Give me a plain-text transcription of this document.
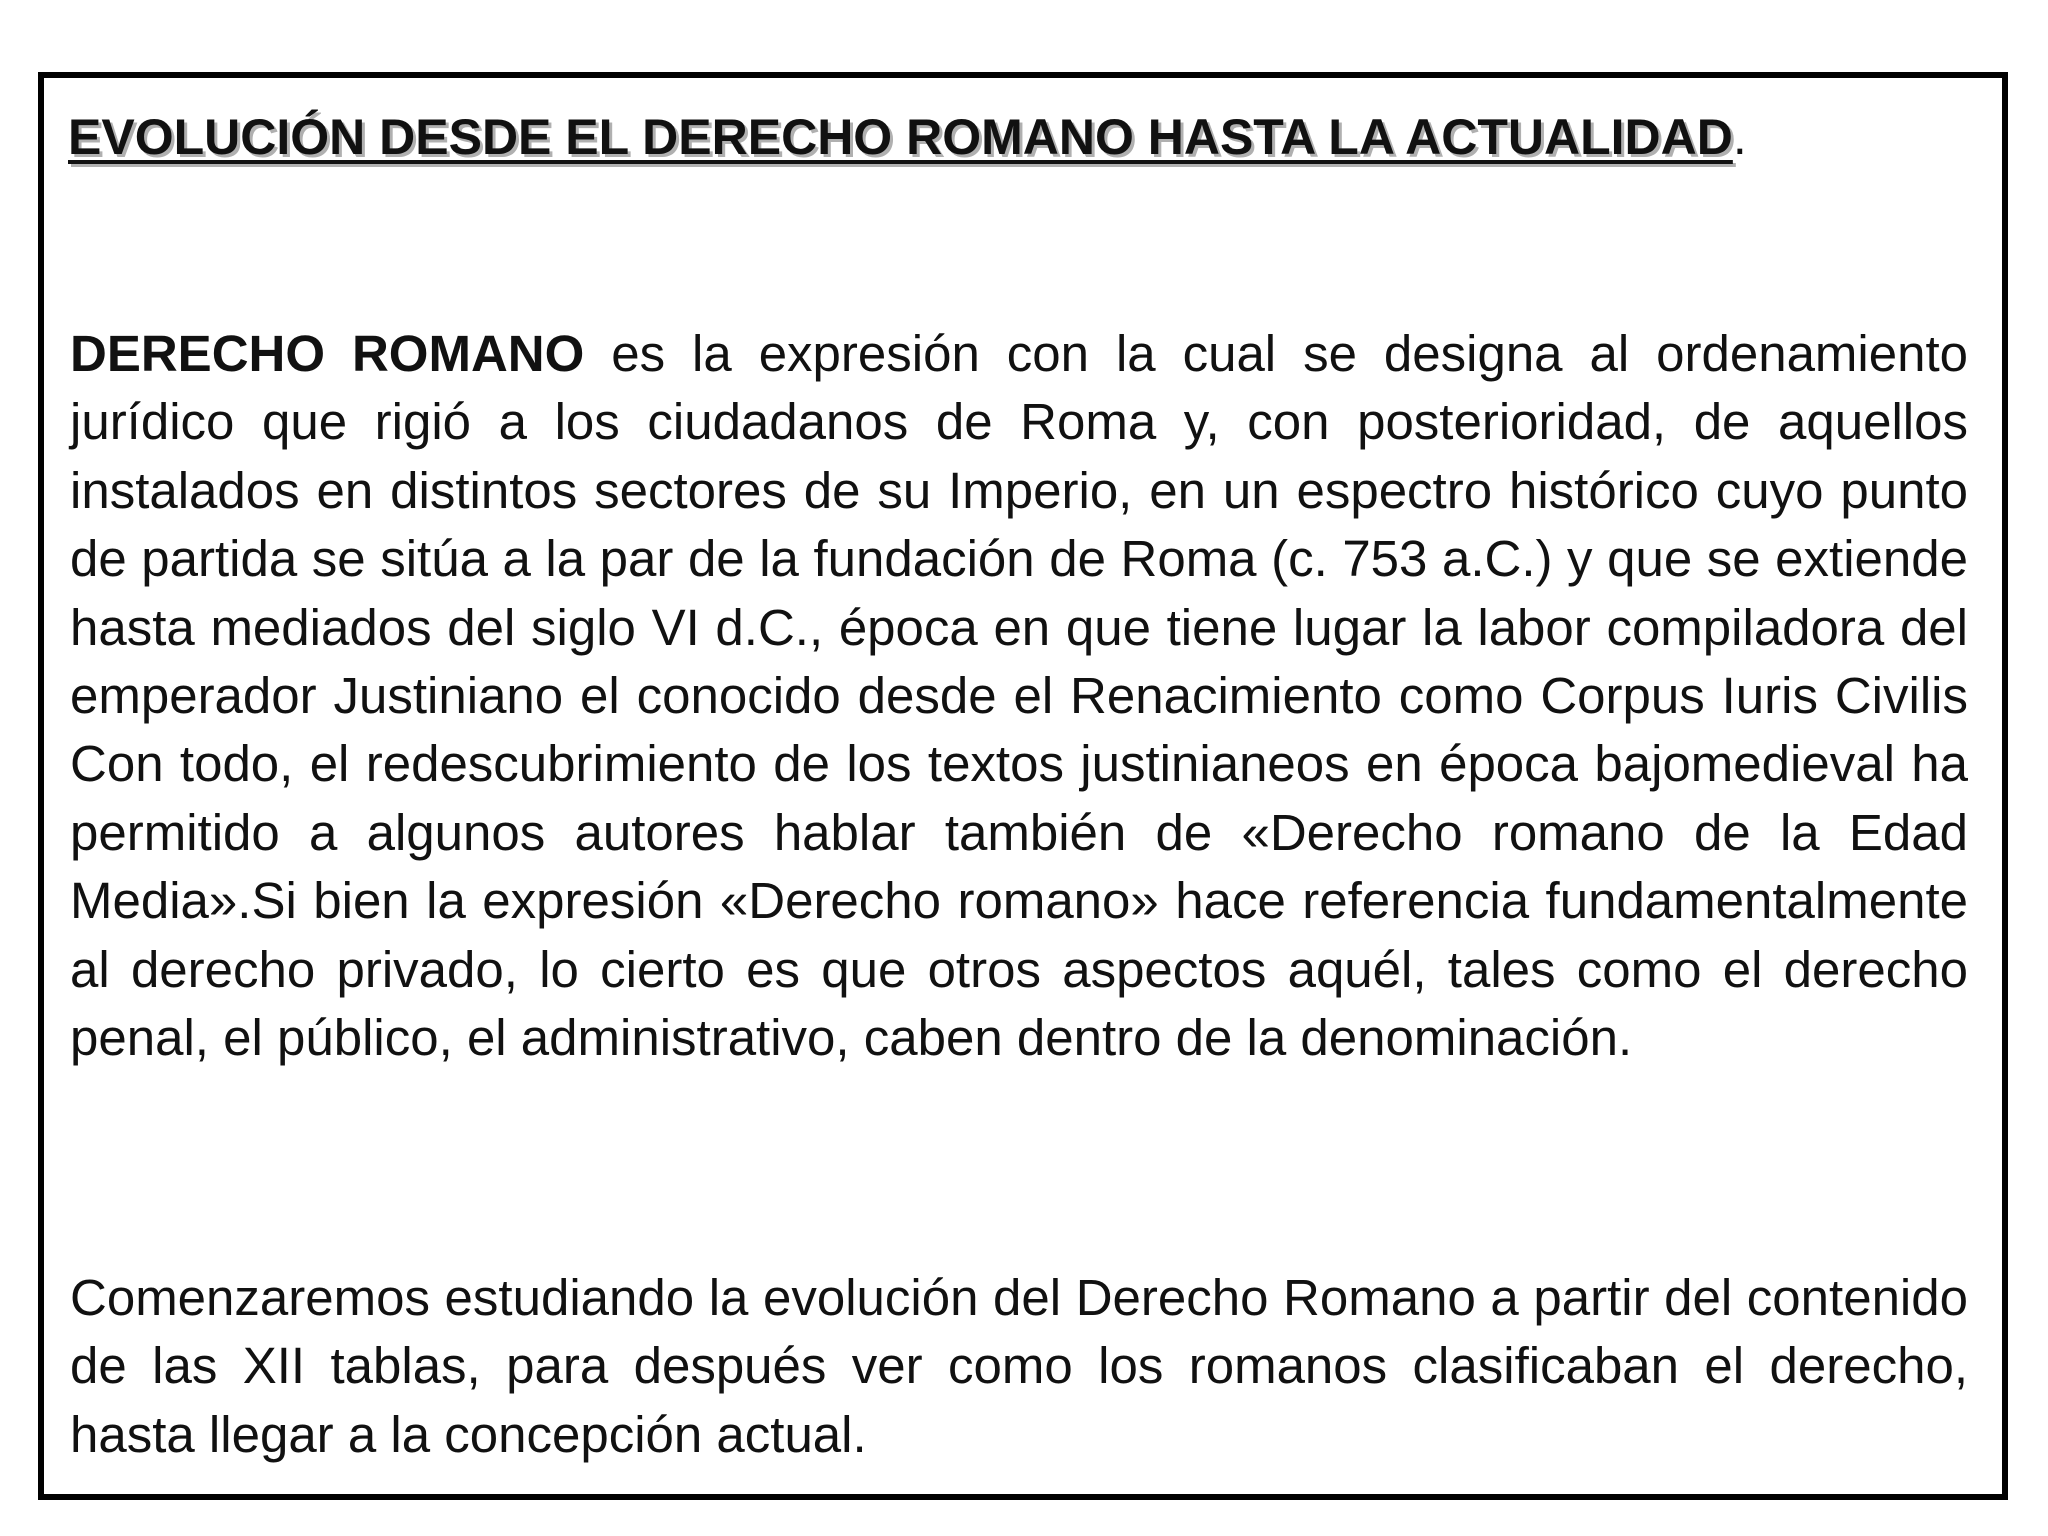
EVOLUCIÓN DESDE EL DERECHO ROMANO HASTA LA ACTUALIDAD.

DERECHO ROMANO es la expresión con la cual se designa al ordenamiento jurídico que rigió a los ciudadanos de Roma y, con posterioridad, de aquellos instalados en distintos sectores de su Imperio, en un espectro histórico cuyo punto de partida se sitúa a la par de la fundación de Roma (c. 753 a.C.) y que se extiende hasta mediados del siglo VI d.C., época en que tiene lugar la labor compiladora del emperador Justiniano el conocido desde el Renacimiento como Corpus Iuris Civilis Con todo, el redescubrimiento de los textos justinianeos en época bajomedieval ha permitido a algunos autores hablar también de «Derecho romano de la Edad Media».Si bien la expresión «Derecho romano» hace referencia fundamentalmente al derecho privado, lo cierto es que otros aspectos aquél, tales como el derecho penal, el público, el administrativo, caben dentro de la denominación.

Comenzaremos estudiando la evolución del Derecho Romano a partir del contenido de las XII tablas, para después ver como los romanos clasificaban el derecho, hasta llegar a la concepción actual.
